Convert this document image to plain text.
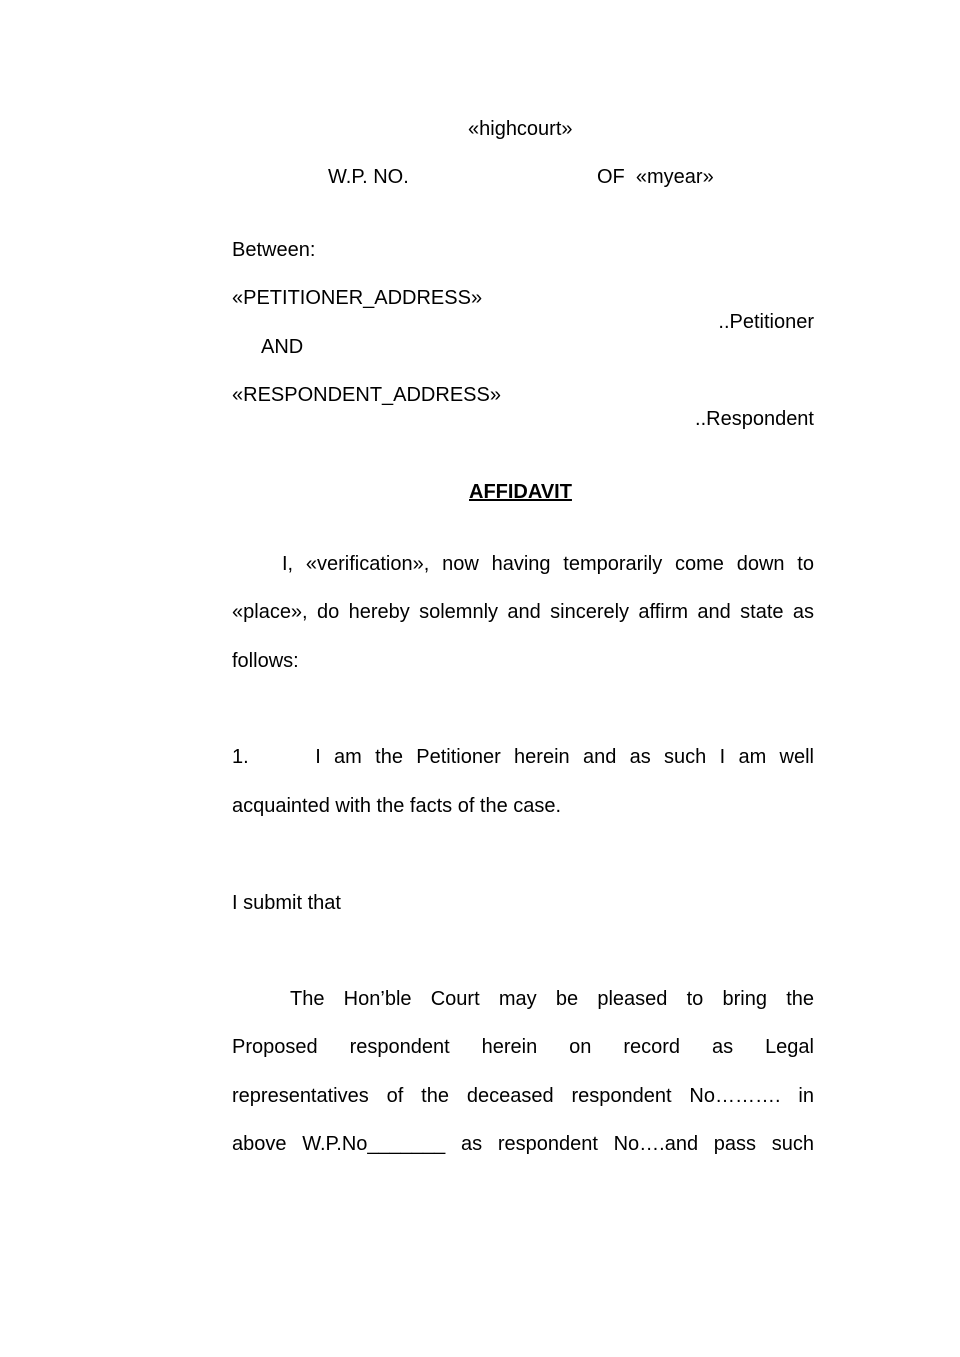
«highcourt»
W.P. NO.	OF  «myear»
Between:
«PETITIONER_ADDRESS»
..Petitioner
AND
«RESPONDENT_ADDRESS»
..Respondent
AFFIDAVIT
I, «verification», now having temporarily come down to
«place», do hereby solemnly and sincerely affirm and state as
follows:
1.     I am the Petitioner herein and as such I am well
acquainted with the facts of the case.
I submit that
The Hon’ble Court may be pleased to bring the
Proposed respondent herein on record as Legal
representatives of the deceased respondent No………. in
above W.P.No_______ as respondent No….and pass such
